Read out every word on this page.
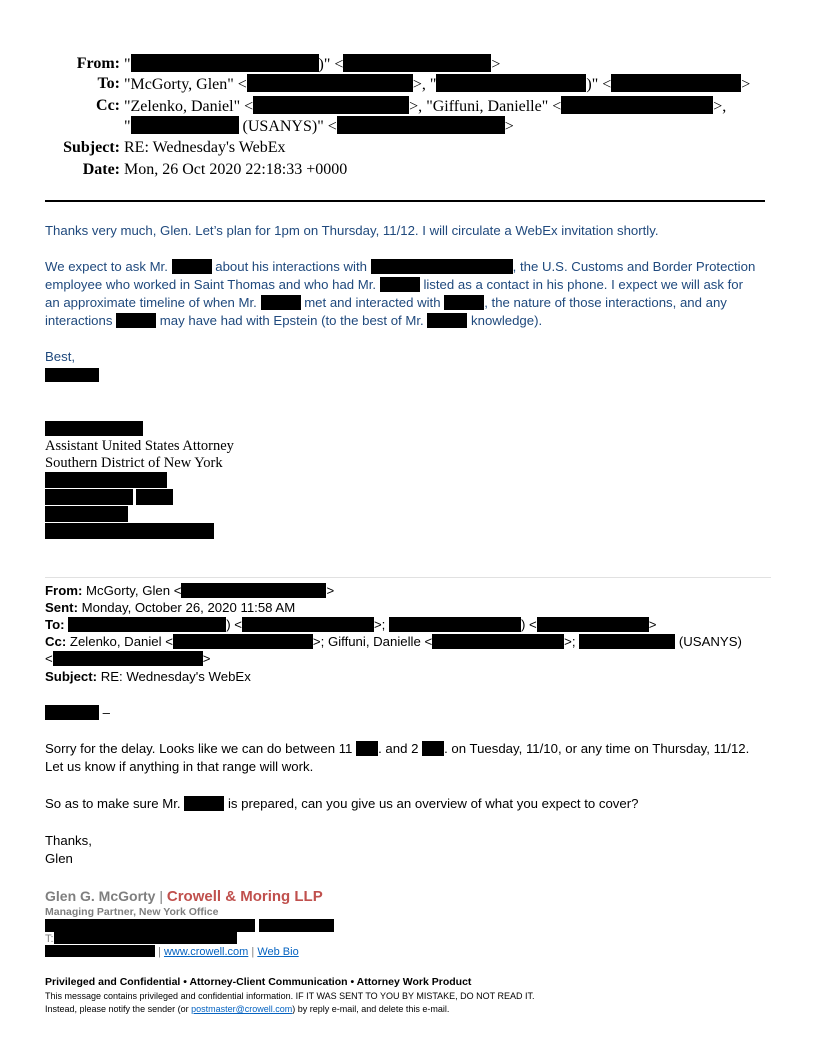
From: "	)" <	>
To: "McGorty, Glen" <	>, "	)" <	>
Cc: "Zelenko, Daniel" <	>, "Giffuni, Danielle" <	>,
"	(USANYS)" <	>
Subject: RE: Wednesday's WebEx
Date: Mon, 26 Oct 2020 22:18:33 +0000
Thanks very much, Glen. Let’s plan for 1pm on Thursday, 11/12. I will circulate a WebEx invitation shortly.
We expect to ask Mr.	about his interactions with	, the U.S. Customs and Border Protection
employee who worked in Saint Thomas and who had Mr.	listed as a contact in his phone. I expect we will ask for
an approximate timeline of when Mr.	met and interacted with	, the nature of those interactions, and any
interactions	may have had with Epstein (to the best of Mr.	knowledge).
Best,
Assistant United States Attorney
Southern District of New York
From: McGorty, Glen <	>
Sent: Monday, October 26, 2020 11:58 AM
To:	) <	>;	) <	>
Cc: Zelenko, Daniel <	>; Giffuni, Danielle <	>;	(USANYS)
<	>
Subject: RE: Wednesday's WebEx
–
Sorry for the delay. Looks like we can do between 11 . and 2 . on Tuesday, 11/10, or any time on Thursday, 11/12.
Let us know if anything in that range will work.
So as to make sure Mr.	is prepared, can you give us an overview of what you expect to cover?
Thanks,
Glen
Glen G. McGorty | Crowell & Moring LLP
Managing Partner, New York Office
T:
| www.crowell.com | Web Bio
Privileged and Confidential • Attorney-Client Communication • Attorney Work Product
This message contains privileged and confidential information. IF IT WAS SENT TO YOU BY MISTAKE, DO NOT READ IT.
Instead, please notify the sender (or postmaster@crowell.com) by reply e-mail, and delete this e-mail.
